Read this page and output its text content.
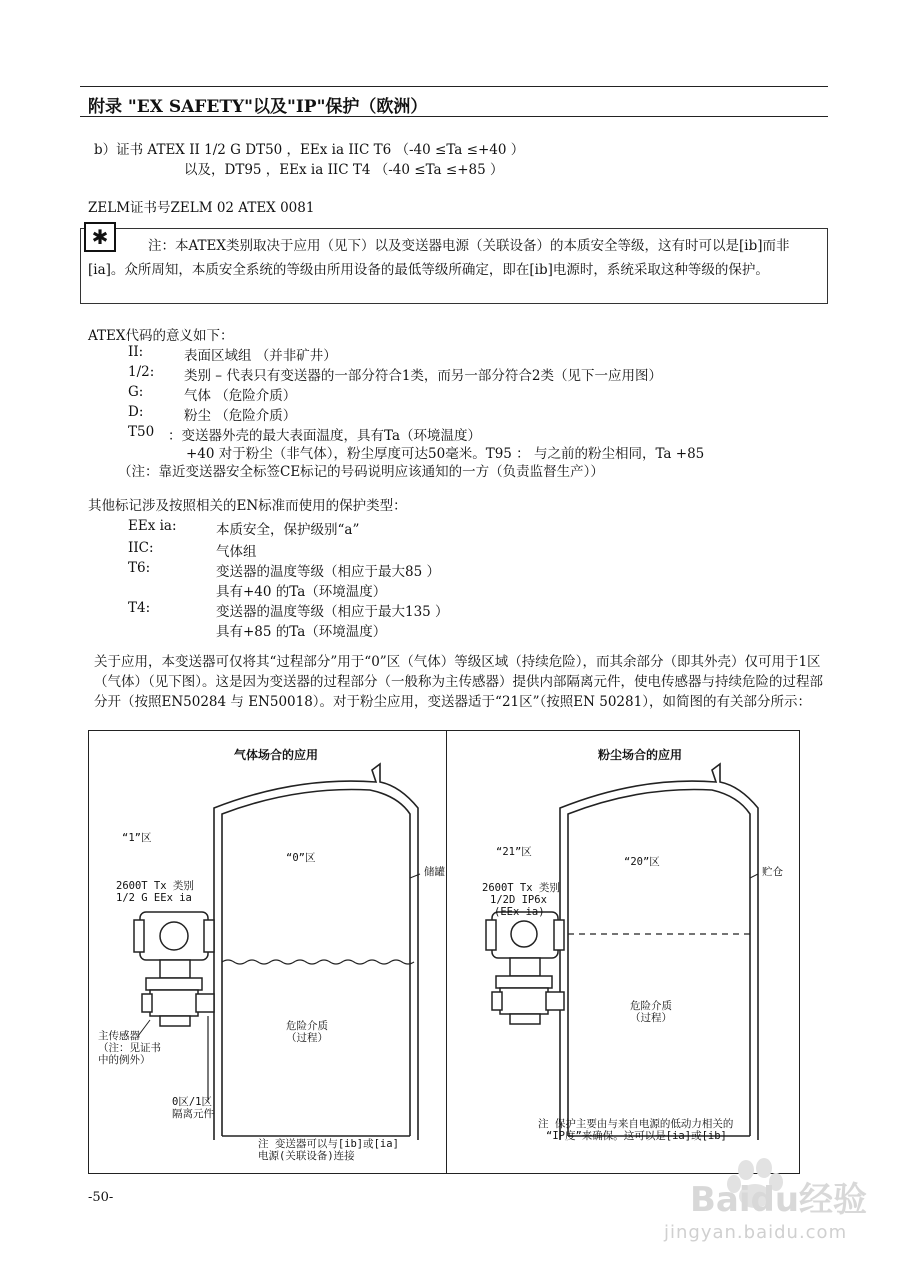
附录 "EX SAFETY"以及"IP"保护（欧洲）
b）证书 ATEX II 1/2 G DT50 ，EEx ia IIC T6 （-40 ≤Ta ≤+40 ）
以及，DT95 ，EEx ia IIC T4 （-40 ≤Ta ≤+85 ）
ZELM证书号ZELM 02 ATEX 0081
✱	注：本ATEX类别取决于应用（见下）以及变送器电源（关联设备）的本质安全等级，这有时可以是[ib]而非[ia]。众所周知，本质安全系统的等级由所用设备的最低等级所确定，即在[ib]电源时，系统采取这种等级的保护。
ATEX代码的意义如下：
II:	表面区域组 （并非矿井）
1/2: 类别 – 代表只有变送器的一部分符合1类，而另一部分符合2类（见下一应用图）
G:	气体 （危险介质）
D:	粉尘 （危险介质）
T50 ：变送器外壳的最大表面温度，具有Ta（环境温度）
+40 对于粉尘（非气体），粉尘厚度可达50毫米。T95 ： 与之前的粉尘相同，Ta +85
（注：靠近变送器安全标签CE标记的号码说明应该通知的一方（负责监督生产））
其他标记涉及按照相关的EN标准而使用的保护类型：
EEx ia:	本质安全，保护级别“a”
IIC:	气体组
T6:	变送器的温度等级（相应于最大85 ）
具有+40 的Ta（环境温度）
T4:	变送器的温度等级（相应于最大135 ）
具有+85 的Ta（环境温度）
关于应用，本变送器可仅将其“过程部分”用于“0”区（气体）等级区域（持续危险），而其余部分（即其外壳）仅可用于1区（气体）（见下图）。这是因为变送器的过程部分（一般称为主传感器）提供内部隔离元件，使电传感器与持续危险的过程部分开（按照EN50284 与 EN50018）。对于粉尘应用，变送器适于“21区”（按照EN 50281），如简图的有关部分所示：
气体场合的应用
“1”区
“0”区
储罐
2600T Tx 类别
1/2 G EEx ia
危险介质
（过程）
主传感器
（注：见证书
中的例外）
0区/1区
隔离元件
注 变送器可以与[ib]或[ia]
电源(关联设备)连接
粉尘场合的应用
“21”区
“20”区
贮仓
2600T Tx 类别
1/2D IP6x
(EEx ia)
危险介质
（过程）
注 保护主要由与来自电源的低动力相关的
“IP度”来确保。这可以是[ia]或[ib]
-50-	Baidu经验
jingyan.baidu.com
